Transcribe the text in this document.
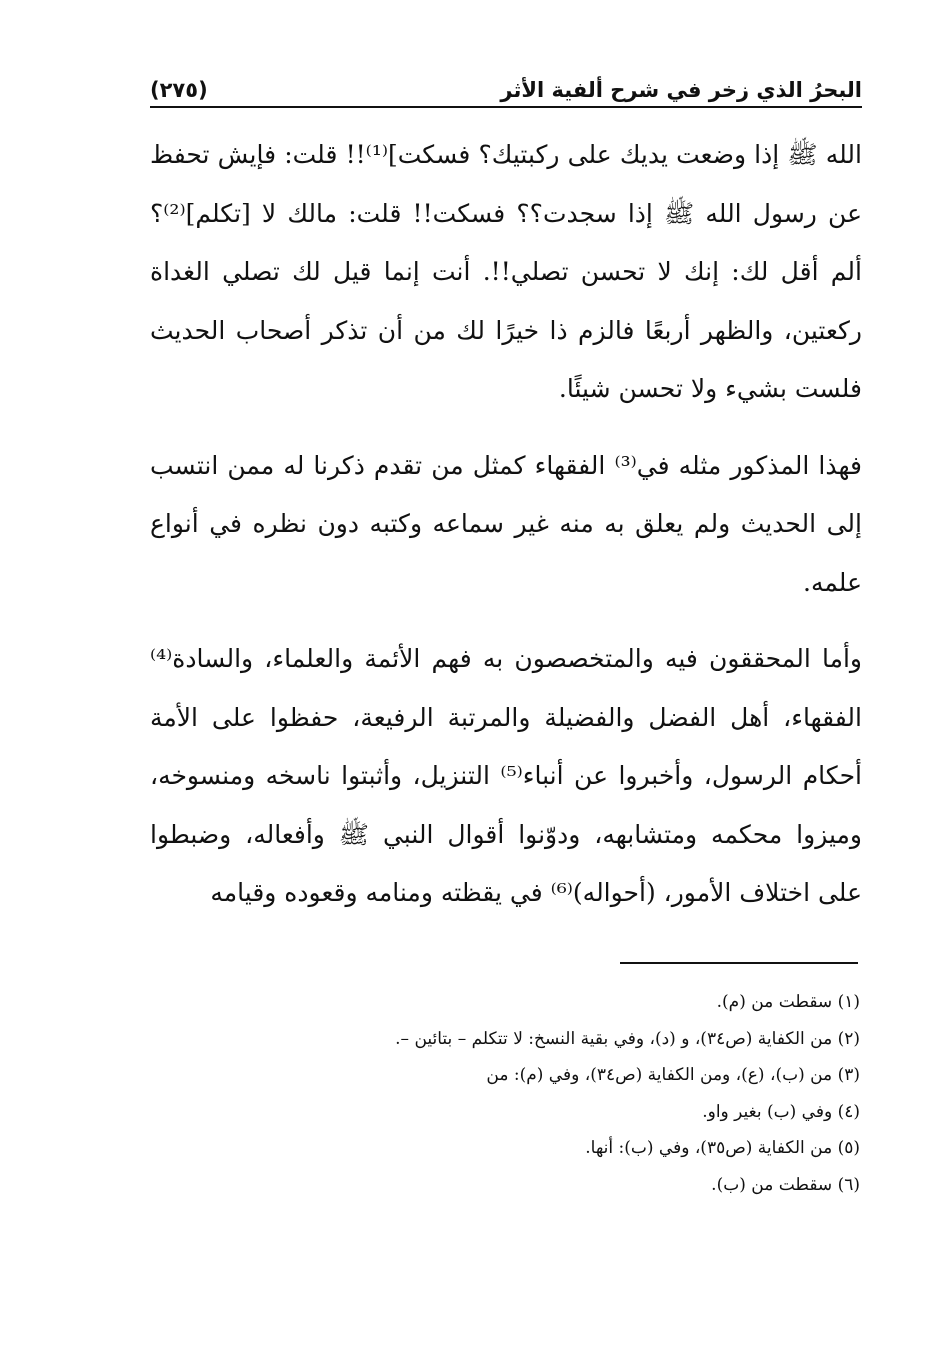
البحرُ الذي زخر في شرح ألفية الأثر
(٢٧٥)

الله ﷺ إذا وضعت يديك على ركبتيك؟ فسكت]⁽¹⁾!! قلت: فإيش تحفظ عن رسول الله ﷺ إذا سجدت؟؟ فسكت!! قلت: مالك لا [تكلم]⁽²⁾؟ ألم أقل لك: إنك لا تحسن تصلي!!. أنت إنما قيل لك تصلي الغداة ركعتين، والظهر أربعًا فالزم ذا خيرًا لك من أن تذكر أصحاب الحديث فلست بشيء ولا تحسن شيئًا.

فهذا المذكور مثله في⁽³⁾ الفقهاء كمثل من تقدم ذكرنا له ممن انتسب إلى الحديث ولم يعلق به منه غير سماعه وكتبه دون نظره في أنواع علمه.

وأما المحققون فيه والمتخصصون به فهم الأئمة والعلماء، والسادة⁽⁴⁾ الفقهاء، أهل الفضل والفضيلة والمرتبة الرفيعة، حفظوا على الأمة أحكام الرسول، وأخبروا عن أنباء⁽⁵⁾ التنزيل، وأثبتوا ناسخه ومنسوخه، وميزوا محكمه ومتشابهه، ودوّنوا أقوال النبي ﷺ وأفعاله، وضبطوا على اختلاف الأمور، (أحواله)⁽⁶⁾ في يقظته ومنامه وقعوده وقيامه

(١) سقطت من (م).
(٢) من الكفاية (ص٣٤)، و (د)، وفي بقية النسخ: لا تتكلم – بتائين –.
(٣) من (ب)، (ع)، ومن الكفاية (ص٣٤)، وفي (م): من
(٤) وفي (ب) بغير واو.
(٥) من الكفاية (ص٣٥)، وفي (ب): أنها.
(٦) سقطت من (ب).
